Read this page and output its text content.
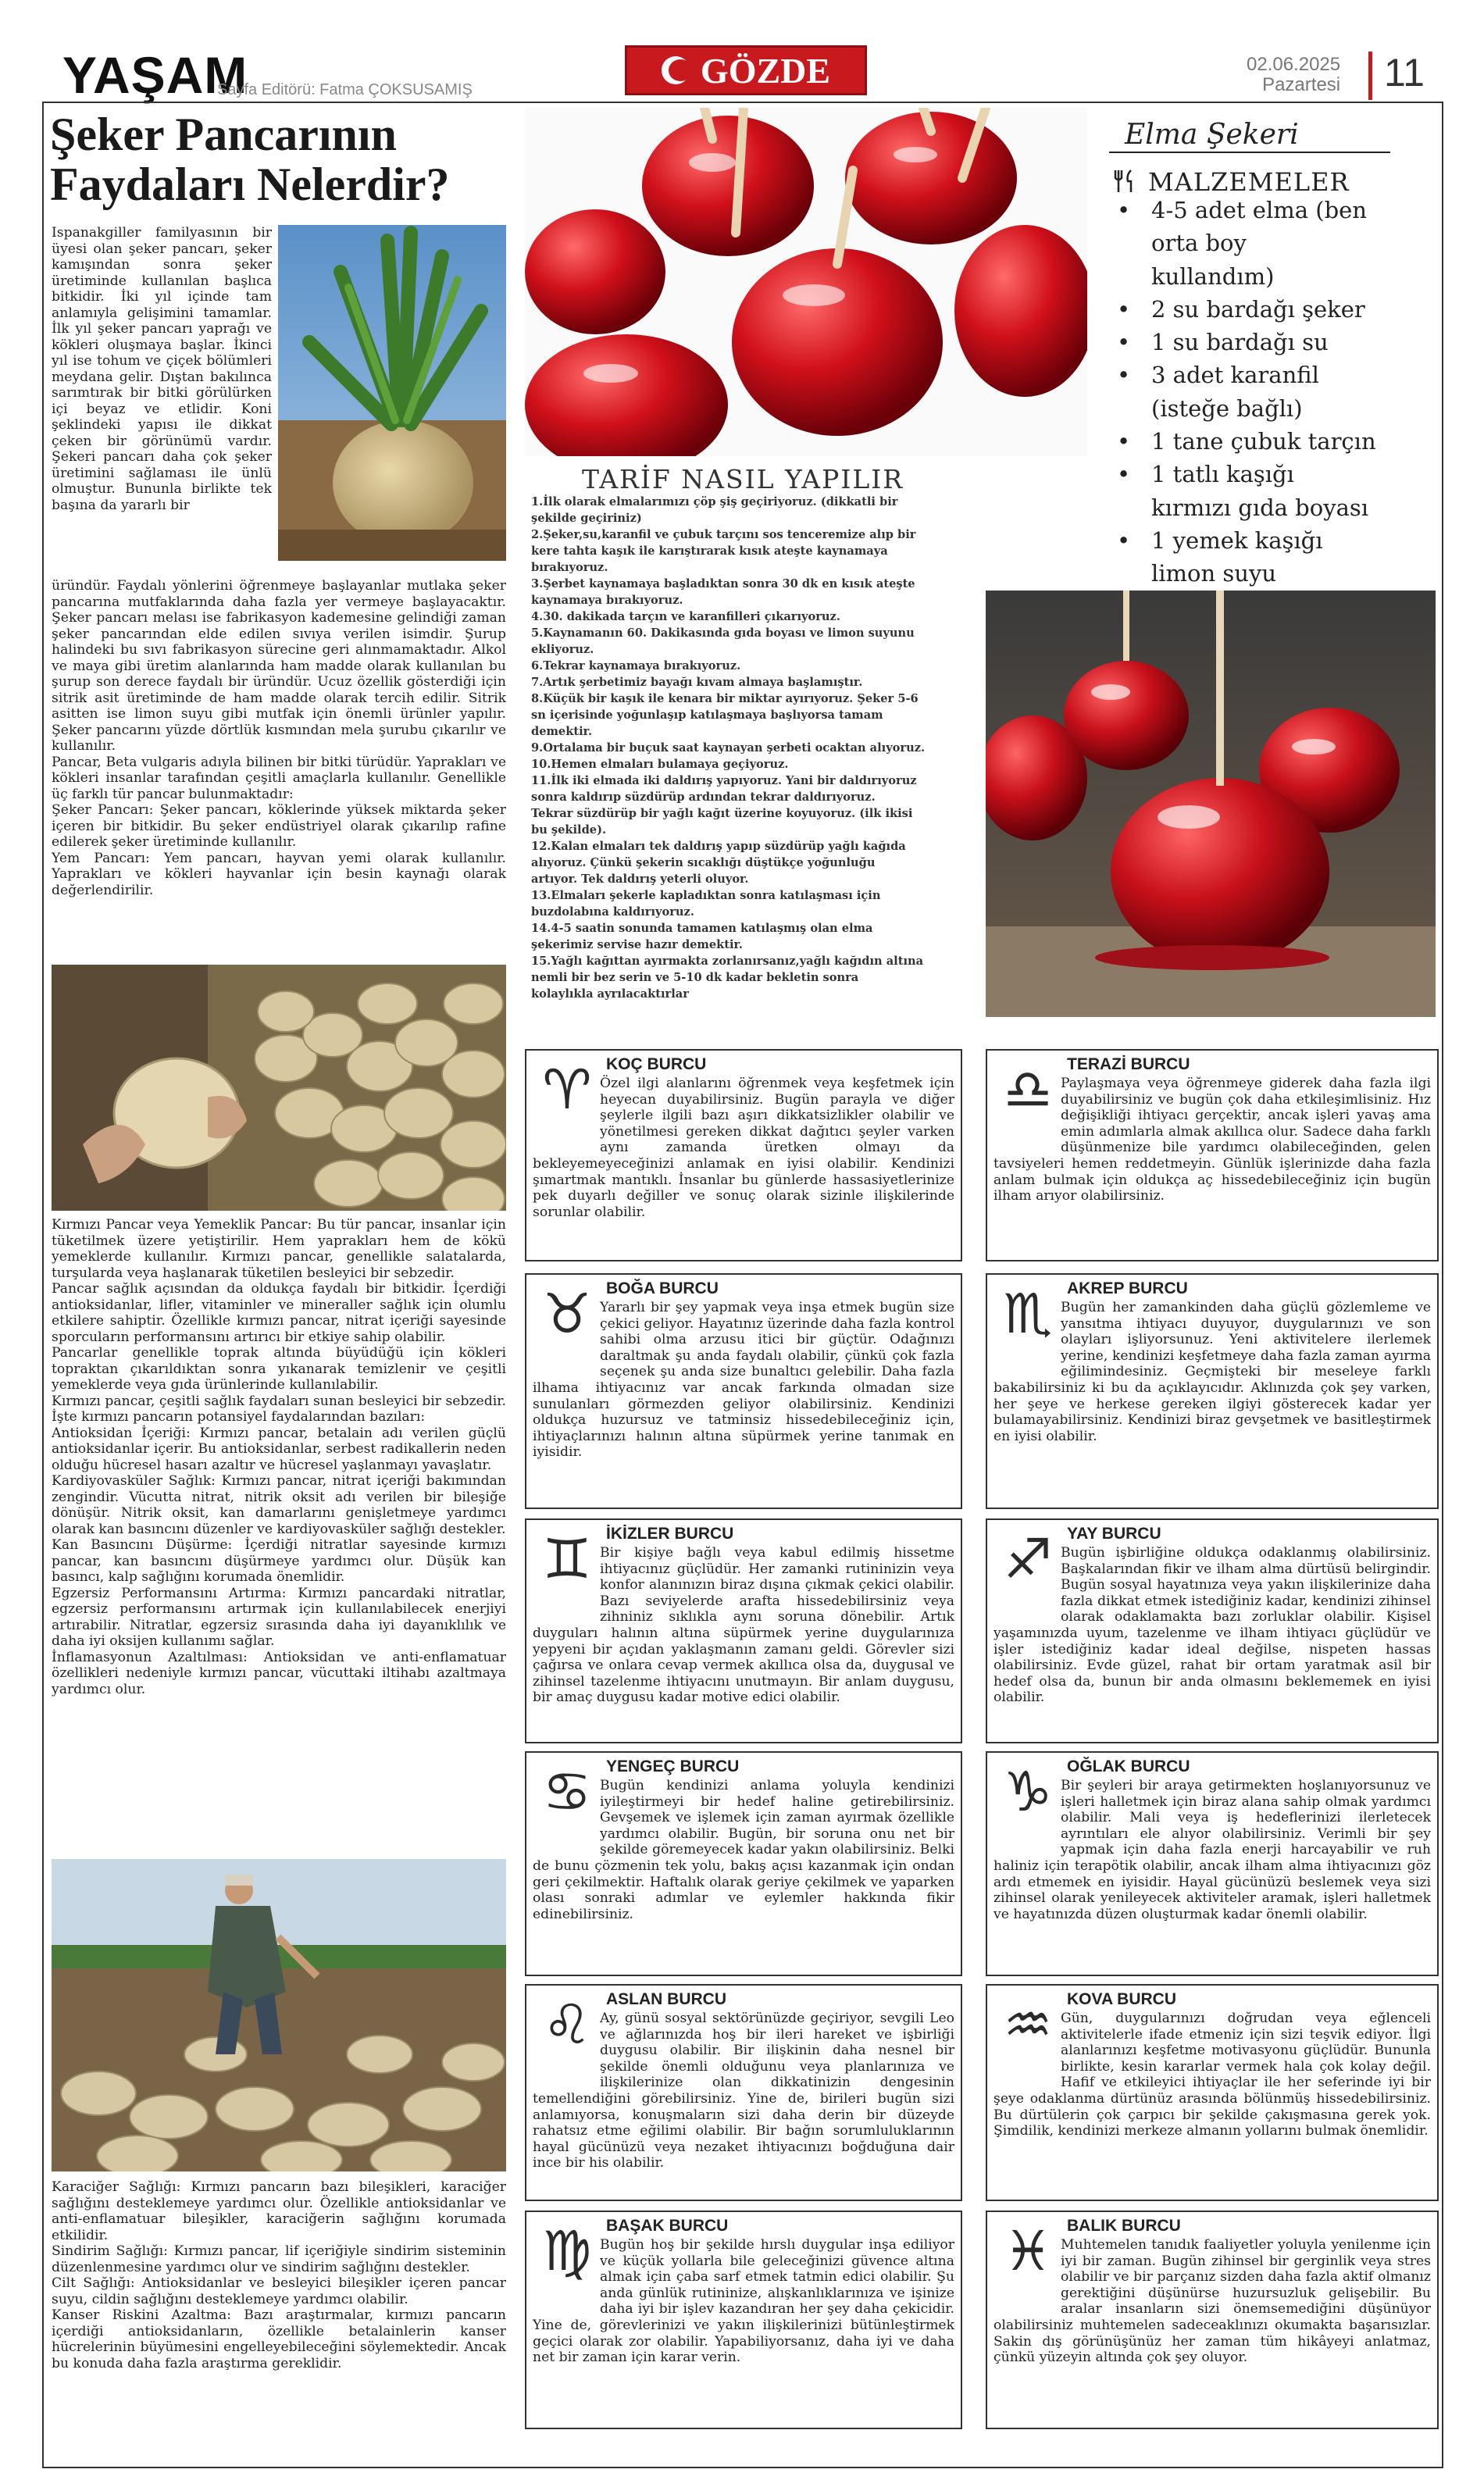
YAŞAM
Sayfa Editörü: Fatma ÇOKSUSAMIŞ	GÖZDE	02.06.2025
Pazartesi 11
Şeker Pancarının
Faydaları Nelerdir?
Ispanakgiller familyasının bir üyesi olan şeker pancarı, şeker kamışından sonra şeker üretiminde kullanılan başlıca bitkidir. İki yıl içinde tam anlamıyla gelişimini tamamlar. İlk yıl şeker pancarı yaprağı ve kökleri oluşmaya başlar. İkinci yıl ise tohum ve çiçek bölümleri meydana gelir. Dıştan bakılınca sarımtırak bir bitki görülürken içi beyaz ve etlidir. Koni şeklindeki yapısı ile dikkat çeken bir görünümü vardır. Şekeri pancarı daha çok şeker üretimini sağlaması ile ünlü olmuştur. Bununla birlikte tek başına da yararlı bir

üründür. Faydalı yönlerini öğrenmeye başlayanlar mutlaka şeker pancarına mutfaklarında daha fazla yer vermeye başlayacaktır. Şeker pancarı melası ise fabrikasyon kademesine gelindiği zaman şeker pancarından elde edilen sıvıya verilen isimdir. Şurup halindeki bu sıvı fabrikasyon sürecine geri alınmamaktadır. Alkol ve maya gibi üretim alanlarında ham madde olarak kullanılan bu şurup son derece faydalı bir üründür. Ucuz özellik gösterdiği için sitrik asit üretiminde de ham madde olarak tercih edilir. Sitrik asitten ise limon suyu gibi mutfak için önemli ürünler yapılır. Şeker pancarını yüzde dörtlük kısmından mela şurubu çıkarılır ve kullanılır.

Pancar, Beta vulgaris adıyla bilinen bir bitki türüdür. Yaprakları ve kökleri insanlar tarafından çeşitli amaçlarla kullanılır. Genellikle üç farklı tür pancar bulunmaktadır:

Şeker Pancarı: Şeker pancarı, köklerinde yüksek miktarda şeker içeren bir bitkidir. Bu şeker endüstriyel olarak çıkarılıp rafine edilerek şeker üretiminde kullanılır.

Yem Pancarı: Yem pancarı, hayvan yemi olarak kullanılır. Yaprakları ve kökleri hayvanlar için besin kaynağı olarak değerlendirilir.

Kırmızı Pancar veya Yemeklik Pancar: Bu tür pancar, insanlar için tüketilmek üzere yetiştirilir. Hem yaprakları hem de kökü yemeklerde kullanılır. Kırmızı pancar, genellikle salatalarda, turşularda veya haşlanarak tüketilen besleyici bir sebzedir.

Pancar sağlık açısından da oldukça faydalı bir bitkidir. İçerdiği antioksidanlar, lifler, vitaminler ve mineraller sağlık için olumlu etkilere sahiptir. Özellikle kırmızı pancar, nitrat içeriği sayesinde sporcuların performansını artırıcı bir etkiye sahip olabilir.

Pancarlar genellikle toprak altında büyüdüğü için kökleri topraktan çıkarıldıktan sonra yıkanarak temizlenir ve çeşitli yemeklerde veya gıda ürünlerinde kullanılabilir.

Kırmızı pancar, çeşitli sağlık faydaları sunan besleyici bir sebzedir. İşte kırmızı pancarın potansiyel faydalarından bazıları:

Antioksidan İçeriği: Kırmızı pancar, betalain adı verilen güçlü antioksidanlar içerir. Bu antioksidanlar, serbest radikallerin neden olduğu hücresel hasarı azaltır ve hücresel yaşlanmayı yavaşlatır.

Kardiyovasküler Sağlık: Kırmızı pancar, nitrat içeriği bakımından zengindir. Vücutta nitrat, nitrik oksit adı verilen bir bileşiğe dönüşür. Nitrik oksit, kan damarlarını genişletmeye yardımcı olarak kan basıncını düzenler ve kardiyovasküler sağlığı destekler.

Kan Basıncını Düşürme: İçerdiği nitratlar sayesinde kırmızı pancar, kan basıncını düşürmeye yardımcı olur. Düşük kan basıncı, kalp sağlığını korumada önemlidir.

Egzersiz Performansını Artırma: Kırmızı pancardaki nitratlar, egzersiz performansını artırmak için kullanılabilecek enerjiyi artırabilir. Nitratlar, egzersiz sırasında daha iyi dayanıklılık ve daha iyi oksijen kullanımı sağlar.

İnflamasyonun Azaltılması: Antioksidan ve anti-enflamatuar özellikleri nedeniyle kırmızı pancar, vücuttaki iltihabı azaltmaya yardımcı olur.

Karaciğer Sağlığı: Kırmızı pancarın bazı bileşikleri, karaciğer sağlığını desteklemeye yardımcı olur. Özellikle antioksidanlar ve anti-enflamatuar bileşikler, karaciğerin sağlığını korumada etkilidir.

Sindirim Sağlığı: Kırmızı pancar, lif içeriğiyle sindirim sisteminin düzenlenmesine yardımcı olur ve sindirim sağlığını destekler.

Cilt Sağlığı: Antioksidanlar ve besleyici bileşikler içeren pancar suyu, cildin sağlığını desteklemeye yardımcı olabilir.

Kanser Riskini Azaltma: Bazı araştırmalar, kırmızı pancarın içerdiği antioksidanların, özellikle betalainlerin kanser hücrelerinin büyümesini engelleyebileceğini söylemektedir. Ancak bu konuda daha fazla araştırma gereklidir.

Elma Şekeri
MALZEMELER
• 4-5 adet elma (ben
orta boy
kullandım)
• 2 su bardağı şeker
• 1 su bardağı su
• 3 adet karanfil
(isteğe bağlı)
• 1 tane çubuk tarçın
• 1 tatlı kaşığı
kırmızı gıda boyası
• 1 yemek kaşığı
limon suyu
TARİF NASIL YAPILIR
1.İlk olarak elmalarımızı çöp şiş geçiriyoruz. (dikkatli bir
şekilde geçiriniz)
2.Şeker,su,karanfil ve çubuk tarçını sos tenceremize alıp bir
kere tahta kaşık ile karıştırarak kısık ateşte kaynamaya
bırakıyoruz.
3.Şerbet kaynamaya başladıktan sonra 30 dk en kısık ateşte
kaynamaya bırakıyoruz.
4.30. dakikada tarçın ve karanfilleri çıkarıyoruz.
5.Kaynamanın 60. Dakikasında gıda boyası ve limon suyunu
ekliyoruz.
6.Tekrar kaynamaya bırakıyoruz.
7.Artık şerbetimiz bayağı kıvam almaya başlamıştır.
8.Küçük bir kaşık ile kenara bir miktar ayırıyoruz. Şeker 5-6
sn içerisinde yoğunlaşıp katılaşmaya başlıyorsa tamam
demektir.
9.Ortalama bir buçuk saat kaynayan şerbeti ocaktan alıyoruz.
10.Hemen elmaları bulamaya geçiyoruz.
11.İlk iki elmada iki daldırış yapıyoruz. Yani bir daldırıyoruz
sonra kaldırıp süzdürüp ardından tekrar daldırıyoruz.
Tekrar süzdürüp bir yağlı kağıt üzerine koyuyoruz. (ilk ikisi
bu şekilde).
12.Kalan elmaları tek daldırış yapıp süzdürüp yağlı kağıda
alıyoruz. Çünkü şekerin sıcaklığı düştükçe yoğunluğu
artıyor. Tek daldırış yeterli oluyor.
13.Elmaları şekerle kapladıktan sonra katılaşması için
buzdolabına kaldırıyoruz.
14.4-5 saatin sonunda tamamen katılaşmış olan elma
şekerimiz servise hazır demektir.
15.Yağlı kağıttan ayırmakta zorlanırsanız,yağlı kağıdın altına
nemli bir bez serin ve 5-10 dk kadar bekletin sonra
kolaylıkla ayrılacaktırlar
♈ KOÇ BURCU
Özel ilgi alanlarını öğrenmek veya keşfetmek için heyecan duyabilirsiniz. Bugün parayla ve diğer şeylerle ilgili bazı aşırı dikkatsizlikler olabilir ve yönetilmesi gereken dikkat dağıtıcı şeyler varken aynı zamanda üretken olmayı da bekleyemeyeceğinizi anlamak en iyisi olabilir. Kendinizi şımartmak mantıklı. İnsanlar bu günlerde hassasiyetlerinize pek duyarlı değiller ve sonuç olarak sizinle ilişkilerinde sorunlar olabilir.
♎ TERAZİ BURCU
Paylaşmaya veya öğrenmeye giderek daha fazla ilgi duyabilirsiniz ve bugün çok daha etkileşimlisiniz. Hız değişikliği ihtiyacı gerçektir, ancak işleri yavaş ama emin adımlarla almak akıllıca olur. Sadece daha farklı düşünmenize bile yardımcı olabileceğinden, gelen tavsiyeleri hemen reddetmeyin. Günlük işlerinizde daha fazla anlam bulmak için oldukça aç hissedebileceğiniz için bugün ilham arıyor olabilirsiniz.
♉ BOĞA BURCU
Yararlı bir şey yapmak veya inşa etmek bugün size çekici geliyor. Hayatınız üzerinde daha fazla kontrol sahibi olma arzusu itici bir güçtür. Odağınızı daraltmak şu anda faydalı olabilir, çünkü çok fazla seçenek şu anda size bunaltıcı gelebilir. Daha fazla ilhama ihtiyacınız var ancak farkında olmadan size sunulanları görmezden geliyor olabilirsiniz. Kendinizi oldukça huzursuz ve tatminsiz hissedebileceğiniz için, ihtiyaçlarınızı halının altına süpürmek yerine tanımak en iyisidir.
♏ AKREP BURCU
Bugün her zamankinden daha güçlü gözlemleme ve yansıtma ihtiyacı duyuyor, duygularınızı ve son olayları işliyorsunuz. Yeni aktivitelere ilerlemek yerine, kendinizi keşfetmeye daha fazla zaman ayırma eğilimindesiniz. Geçmişteki bir meseleye farklı bakabilirsiniz ki bu da açıklayıcıdır. Aklınızda çok şey varken, her şeye ve herkese gereken ilgiyi gösterecek kadar yer bulamayabilirsiniz. Kendinizi biraz gevşetmek ve basitleştirmek en iyisi olabilir.
♊ İKİZLER BURCU
Bir kişiye bağlı veya kabul edilmiş hissetme ihtiyacınız güçlüdür. Her zamanki rutininizin veya konfor alanınızın biraz dışına çıkmak çekici olabilir. Bazı seviyelerde arafta hissedebilirsiniz veya zihniniz sıklıkla aynı soruna dönebilir. Artık duyguları halının altına süpürmek yerine duygularınıza yepyeni bir açıdan yaklaşmanın zamanı geldi. Görevler sizi çağırsa ve onlara cevap vermek akıllıca olsa da, duygusal ve zihinsel tazelenme ihtiyacını unutmayın. Bir anlam duygusu, bir amaç duygusu kadar motive edici olabilir.
♐ YAY BURCU
Bugün işbirliğine oldukça odaklanmış olabilirsiniz. Başkalarından fikir ve ilham alma dürtüsü belirgindir. Bugün sosyal hayatınıza veya yakın ilişkilerinize daha fazla dikkat etmek istediğiniz kadar, kendinizi zihinsel olarak odaklamakta bazı zorluklar olabilir. Kişisel yaşamınızda uyum, tazelenme ve ilham ihtiyacı güçlüdür ve işler istediğiniz kadar ideal değilse, nispeten hassas olabilirsiniz. Evde güzel, rahat bir ortam yaratmak asil bir hedef olsa da, bunun bir anda olmasını beklememek en iyisi olabilir.
♋ YENGEÇ BURCU
Bugün kendinizi anlama yoluyla kendinizi iyileştirmeyi bir hedef haline getirebilirsiniz. Gevşemek ve işlemek için zaman ayırmak özellikle yardımcı olabilir. Bugün, bir soruna onu net bir şekilde göremeyecek kadar yakın olabilirsiniz. Belki de bunu çözmenin tek yolu, bakış açısı kazanmak için ondan geri çekilmektir. Haftalık olarak geriye çekilmek ve yaparken olası sonraki adımlar ve eylemler hakkında fikir edinebilirsiniz.
♑ OĞLAK BURCU
Bir şeyleri bir araya getirmekten hoşlanıyorsunuz ve işleri halletmek için biraz alana sahip olmak yardımcı olabilir. Mali veya iş hedeflerinizi ilerletecek ayrıntıları ele alıyor olabilirsiniz. Verimli bir şey yapmak için daha fazla enerji harcayabilir ve ruh haliniz için terapötik olabilir, ancak ilham alma ihtiyacınızı göz ardı etmemek en iyisidir. Hayal gücünüzü beslemek veya sizi zihinsel olarak yenileyecek aktiviteler aramak, işleri halletmek ve hayatınızda düzen oluşturmak kadar önemli olabilir.
♌ ASLAN BURCU
Ay, günü sosyal sektörünüzde geçiriyor, sevgili Leo ve ağlarınızda hoş bir ileri hareket ve işbirliği duygusu olabilir. Bir ilişkinin daha nesnel bir şekilde önemli olduğunu veya planlarınıza ve ilişkilerinize olan dikkatinizin dengesinin temellendiğini görebilirsiniz. Yine de, birileri bugün sizi anlamıyorsa, konuşmaların sizi daha derin bir düzeyde rahatsız etme eğilimi olabilir. Bir bağın sorumluluklarının hayal gücünüzü veya nezaket ihtiyacınızı boğduğuna dair ince bir his olabilir.
♒ KOVA BURCU
Gün, duygularınızı doğrudan veya eğlenceli aktivitelerle ifade etmeniz için sizi teşvik ediyor. İlgi alanlarınızı keşfetme motivasyonu güçlüdür. Bununla birlikte, kesin kararlar vermek hala çok kolay değil. Hafif ve etkileyici ihtiyaçlar ile her seferinde iyi bir şeye odaklanma dürtünüz arasında bölünmüş hissedebilirsiniz. Bu dürtülerin çok çarpıcı bir şekilde çakışmasına gerek yok. Şimdilik, kendinizi merkeze almanın yollarını bulmak önemlidir.
♍ BAŞAK BURCU
Bugün hoş bir şekilde hırslı duygular inşa ediliyor ve küçük yollarla bile geleceğinizi güvence altına almak için çaba sarf etmek tatmin edici olabilir. Şu anda günlük rutininize, alışkanlıklarınıza ve işinize daha iyi bir işlev kazandıran her şey daha çekicidir. Yine de, görevlerinizi ve yakın ilişkilerinizi bütünleştirmek geçici olarak zor olabilir. Yapabiliyorsanız, daha iyi ve daha net bir zaman için karar verin.
♓ BALIK BURCU
Muhtemelen tanıdık faaliyetler yoluyla yenilenme için iyi bir zaman. Bugün zihinsel bir gerginlik veya stres olabilir ve bir parçanız sizden daha fazla aktif olmanız gerektiğini düşünürse huzursuzluk gelişebilir. Bu aralar insanların sizi önemsemediğini düşünüyor olabilirsiniz muhtemelen sadeceaklınızı okumakta başarısızlar. Sakin dış görünüşünüz her zaman tüm hikâyeyi anlatmaz, çünkü yüzeyin altında çok şey oluyor.
